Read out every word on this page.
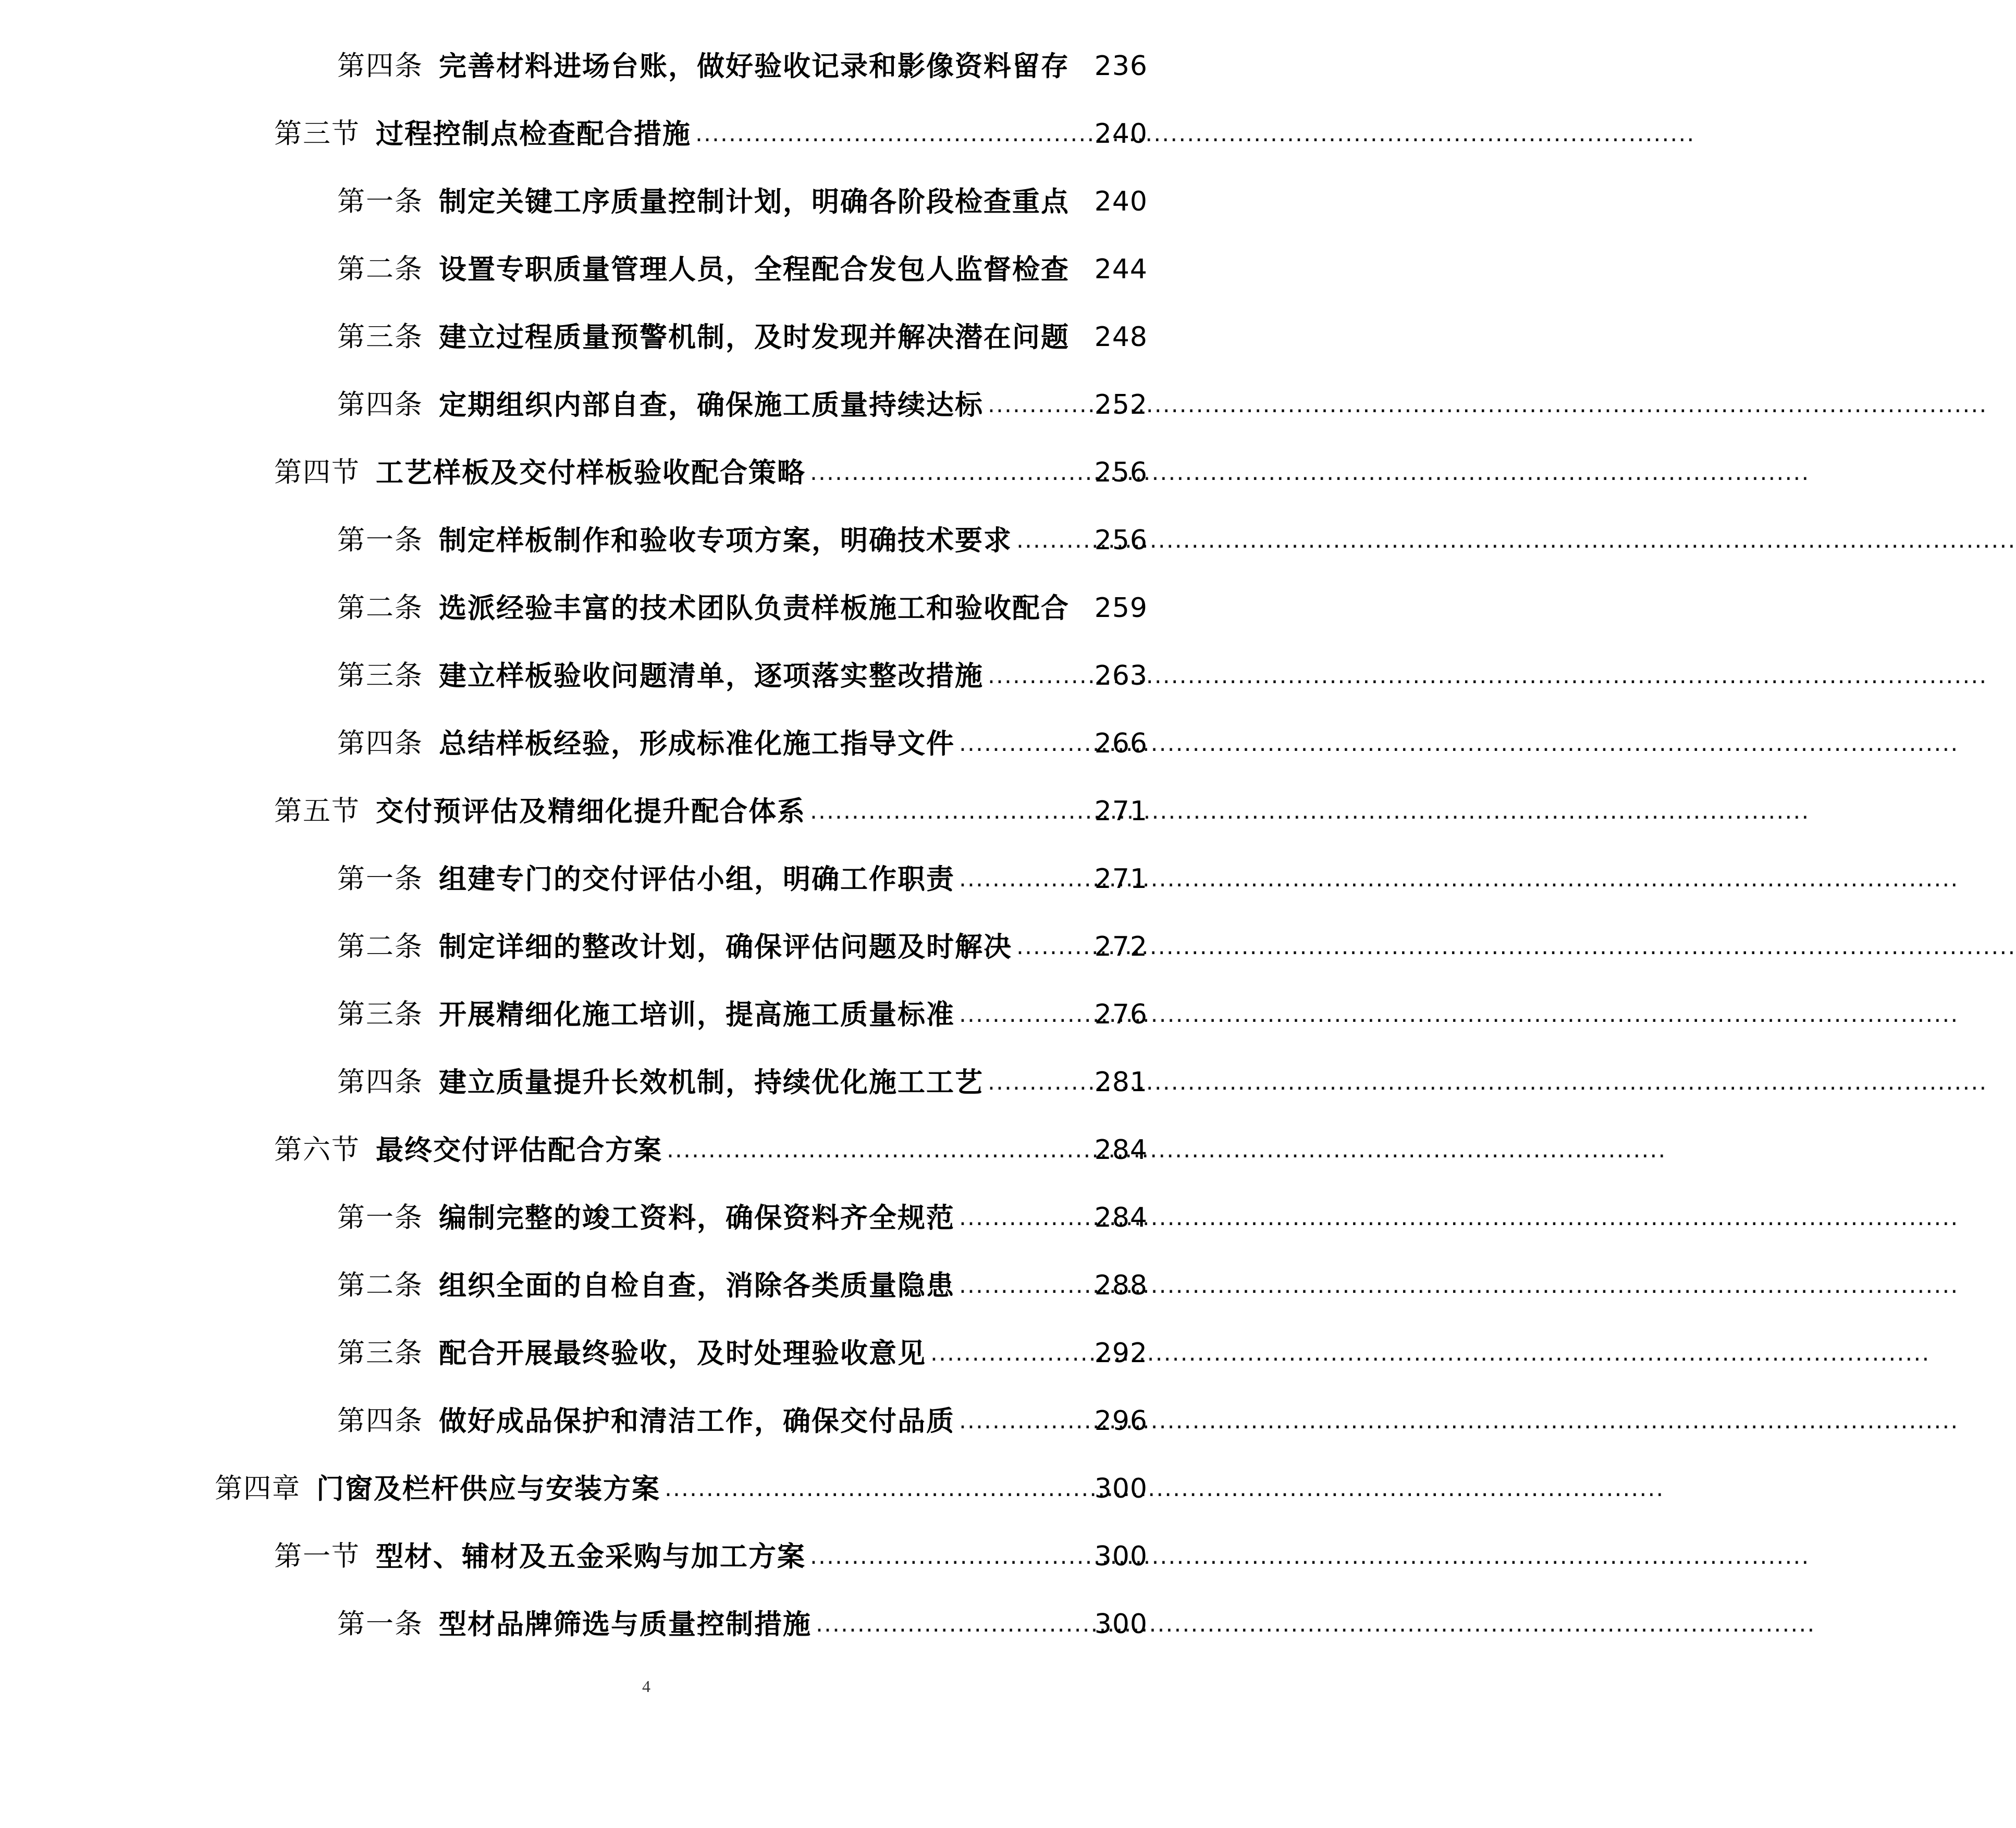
第四条 完善材料进场台账，做好验收记录和影像资料留存 236
第三节 过程控制点检查配合措施 .....	240
第一条 制定关键工序质量控制计划，明确各阶段检查重点 240
第二条 设置专职质量管理人员，全程配合发包人监督检查 244
第三条 建立过程质量预警机制，及时发现并解决潜在问题 248
第四条 定期组织内部自查，确保施工质量持续达标 .....	252
第四节 工艺样板及交付样板验收配合策略 .....	256
第一条 制定样板制作和验收专项方案，明确技术要求 .....	256
第二条 选派经验丰富的技术团队负责样板施工和验收配合 259
第三条 建立样板验收问题清单，逐项落实整改措施 .....	263
第四条 总结样板经验，形成标准化施工指导文件 .....	266
第五节 交付预评估及精细化提升配合体系 .....	271
第一条 组建专门的交付评估小组，明确工作职责 .....	271
第二条 制定详细的整改计划，确保评估问题及时解决 .....	272
第三条 开展精细化施工培训，提高施工质量标准 .....	276
第四条 建立质量提升长效机制，持续优化施工工艺 .....	281
第六节 最终交付评估配合方案 .....	284
第一条 编制完整的竣工资料，确保资料齐全规范 .....	284
第二条 组织全面的自检自查，消除各类质量隐患 .....	288
第三条 配合开展最终验收，及时处理验收意见 .....	292
第四条 做好成品保护和清洁工作，确保交付品质 .....	296
第四章 门窗及栏杆供应与安装方案 .....	300
第一节 型材、辅材及五金采购与加工方案 .....	300
第一条 型材品牌筛选与质量控制措施 .....	300
4
